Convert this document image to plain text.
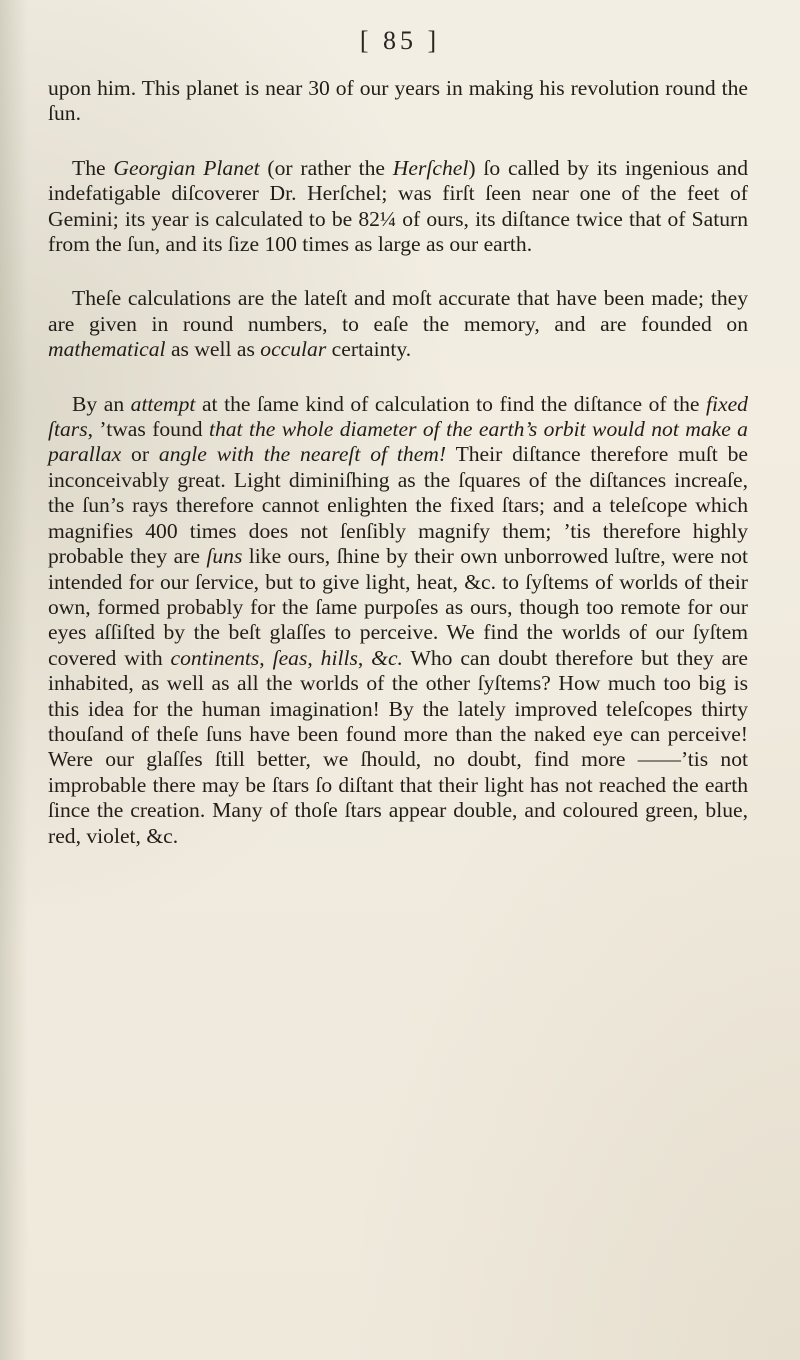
[ 85 ]

upon him. This planet is near 30 of our years in making his revolution round the ſun.

The Georgian Planet (or rather the Herſchel) ſo called by its ingenious and indefatigable diſcoverer Dr. Herſchel; was firſt ſeen near one of the feet of Gemini; its year is calculated to be 82¼ of ours, its diſtance twice that of Saturn from the ſun, and its ſize 100 times as large as our earth.

Theſe calculations are the lateſt and moſt accurate that have been made; they are given in round numbers, to eaſe the memory, and are founded on mathematical as well as occular certainty.

By an attempt at the ſame kind of calculation to find the diſtance of the fixed ſtars, ’twas found that the whole diameter of the earth’s orbit would not make a parallax or angle with the neareſt of them! Their diſtance therefore muſt be inconceivably great. Light diminiſhing as the ſquares of the diſtances increaſe, the ſun’s rays therefore cannot enlighten the fixed ſtars; and a teleſcope which magnifies 400 times does not ſenſibly magnify them; ’tis therefore highly probable they are ſuns like ours, ſhine by their own unborrowed luſtre, were not intended for our ſervice, but to give light, heat, &c. to ſyſtems of worlds of their own, formed probably for the ſame purpoſes as ours, though too remote for our eyes aſſiſted by the beſt glaſſes to perceive. We find the worlds of our ſyſtem covered with continents, ſeas, hills, &c. Who can doubt therefore but they are inhabited, as well as all the worlds of the other ſyſtems? How much too big is this idea for the human imagination! By the lately improved teleſcopes thirty thouſand of theſe ſuns have been found more than the naked eye can perceive! Were our glaſſes ſtill better, we ſhould, no doubt, find more ——’tis not improbable there may be ſtars ſo diſtant that their light has not reached the earth ſince the creation. Many of thoſe ſtars appear double, and coloured green, blue, red, violet, &c.
